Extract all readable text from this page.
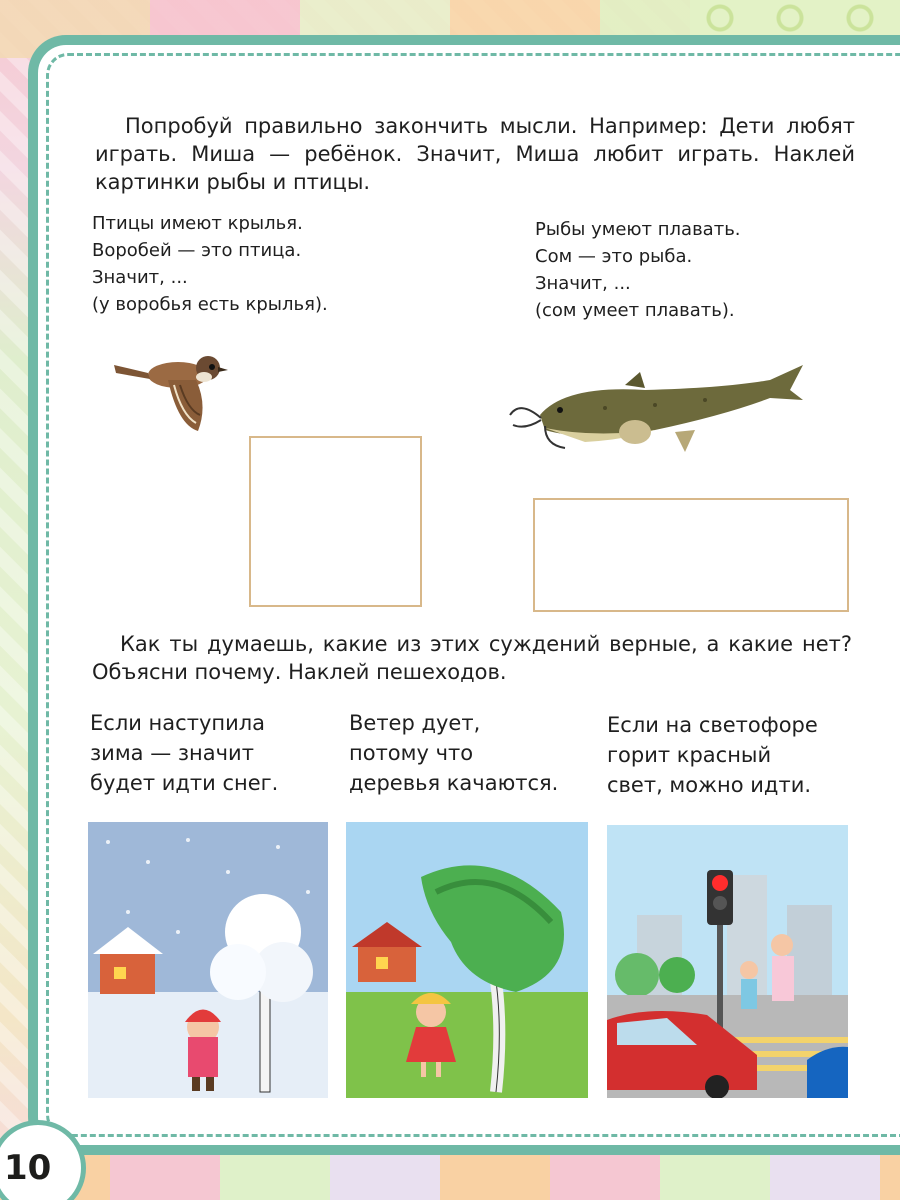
Попробуй правильно закончить мысли. Например: Дети любят играть. Миша — ребёнок. Значит, Миша любит играть. Наклей картинки рыбы и птицы.

Птицы имеют крылья.
Воробей — это птица.
Значит, ...
(у воробья есть крылья).
Рыбы умеют плавать.
Сом — это рыба.
Значит, ...
(сом умеет плавать).

Как ты думаешь, какие из этих суждений верные, а какие нет? Объясни почему. Наклей пешеходов.

Если наступила
зима — значит
будет идти снег.
Ветер дует,
потому что
деревья качаются.
Если на светофоре
горит красный
свет, можно идти.
10
